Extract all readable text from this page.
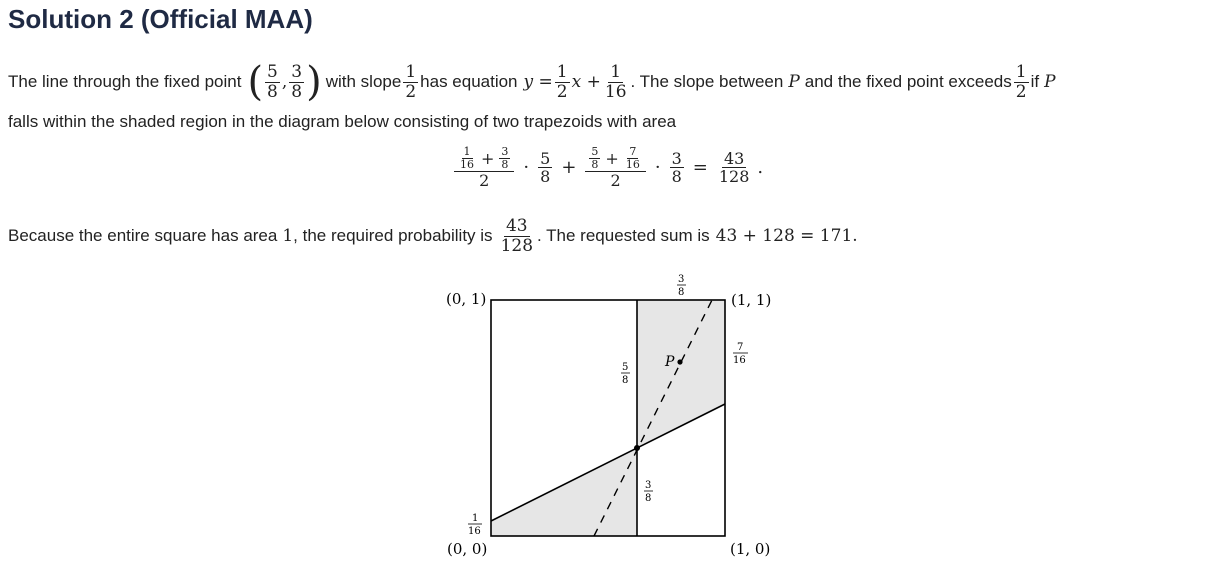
Solution 2 (Official MAA)
The line through the fixed point ( $\frac{5}{8}$ , $\frac{3}{8}$ ) with slope $\frac{1}{2}$ has equation $y = \frac{1}{2}$ $x + \frac{1}{16}$ . The slope between P and the fixed point exceeds $\frac{1}{2}$ if P
falls within the shaded region in the diagram below consisting of two trapezoids with area
$\frac{\frac{1}{16} + \frac{3}{8}}{2} \cdot \frac{5}{8} + \frac{\frac{5}{8} + \frac{7}{16}}{2} \cdot \frac{3}{8} = \frac{43}{128}$ .
Because the entire square has area 1 , the required probability is $\frac{43}{128}$ . The requested sum is 43 + 128 = 171.
P
(0, 1)	(1, 1)
(0, 0)	(1, 0)
3
8
7
16
5
8
3
8
1
16
